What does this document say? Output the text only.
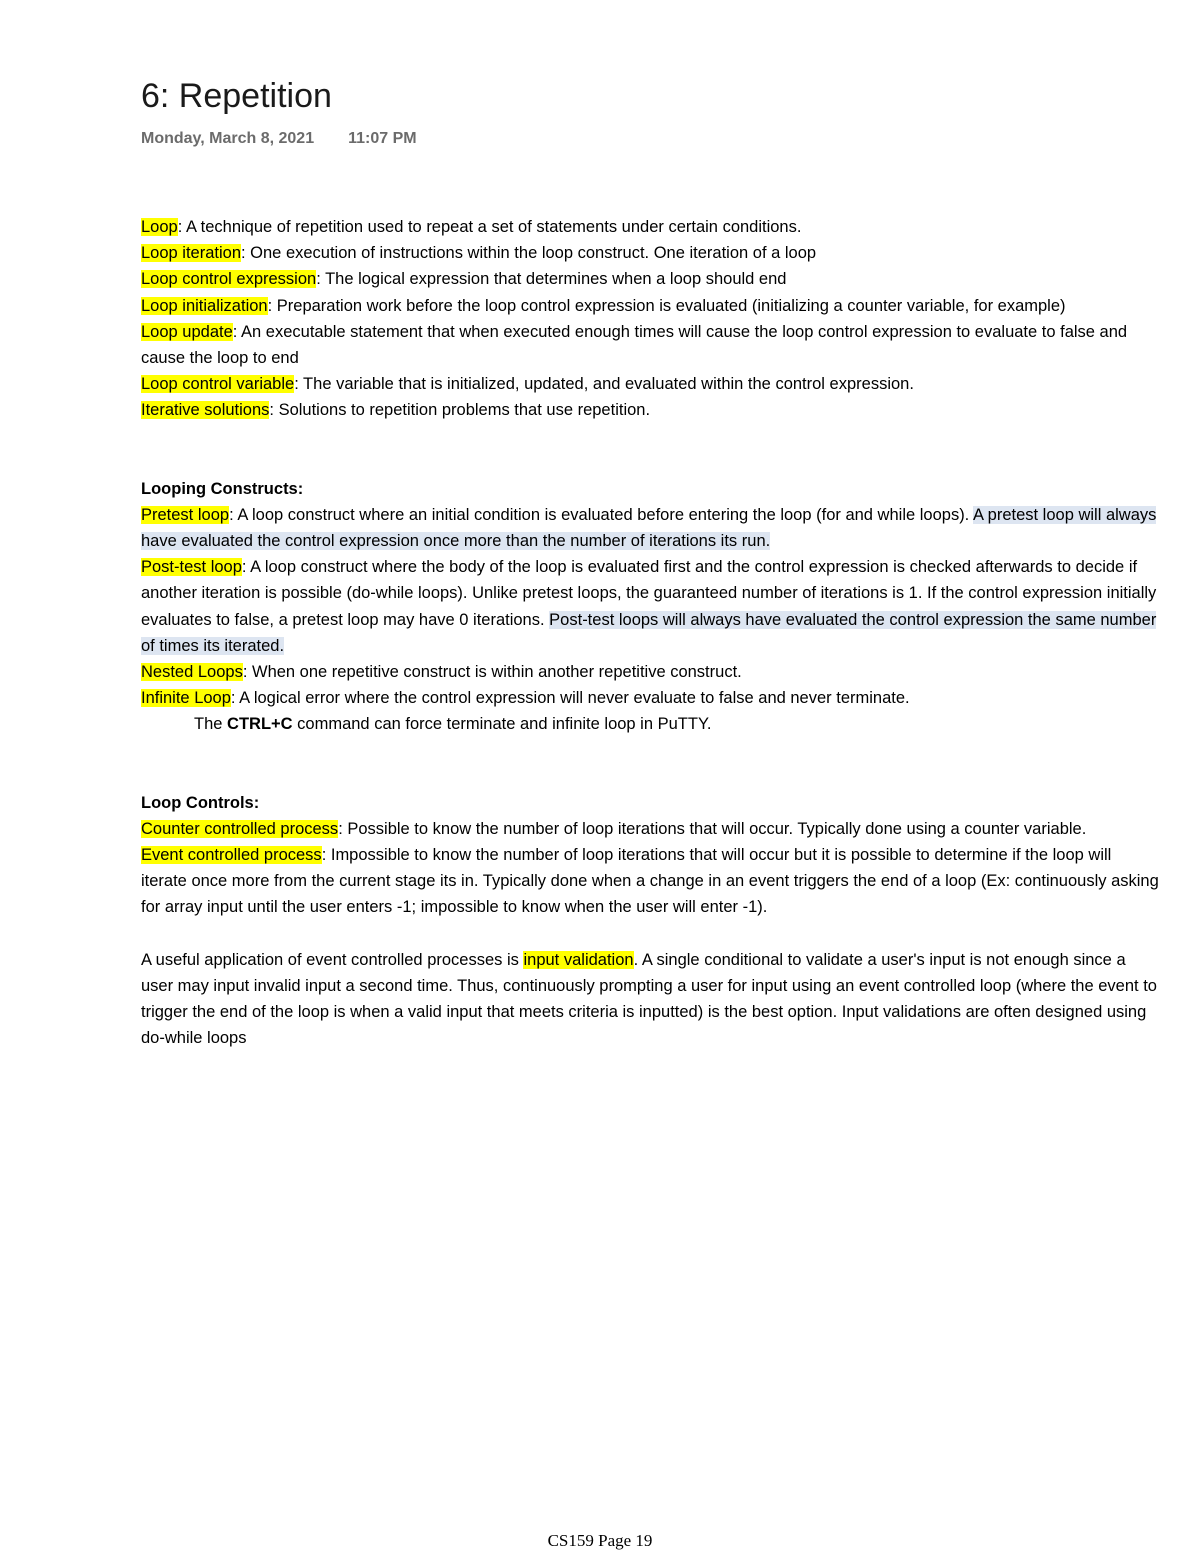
6: Repetition
Monday, March 8, 2021 11:07 PM

Loop: A technique of repetition used to repeat a set of statements under certain conditions.

Loop iteration: One execution of instructions within the loop construct. One iteration of a loop

Loop control expression: The logical expression that determines when a loop should end

Loop initialization: Preparation work before the loop control expression is evaluated (initializing a counter variable, for example)

Loop update: An executable statement that when executed enough times will cause the loop control expression to evaluate to false and cause the loop to end

Loop control variable: The variable that is initialized, updated, and evaluated within the control expression.

Iterative solutions: Solutions to repetition problems that use repetition.

Looping Constructs:

Pretest loop: A loop construct where an initial condition is evaluated before entering the loop (for and while loops). A pretest loop will always have evaluated the control expression once more than the number of iterations its run.

Post-test loop: A loop construct where the body of the loop is evaluated first and the control expression is checked afterwards to decide if another iteration is possible (do-while loops). Unlike pretest loops, the guaranteed number of iterations is 1. If the control expression initially evaluates to false, a pretest loop may have 0 iterations. Post-test loops will always have evaluated the control expression the same number of times its iterated.

Nested Loops: When one repetitive construct is within another repetitive construct.

Infinite Loop: A logical error where the control expression will never evaluate to false and never terminate.

The CTRL+C command can force terminate and infinite loop in PuTTY.

Loop Controls:

Counter controlled process: Possible to know the number of loop iterations that will occur. Typically done using a counter variable.

Event controlled process: Impossible to know the number of loop iterations that will occur but it is possible to determine if the loop will iterate once more from the current stage its in. Typically done when a change in an event triggers the end of a loop (Ex: continuously asking for array input until the user enters -1; impossible to know when the user will enter -1).

A useful application of event controlled processes is input validation. A single conditional to validate a user's input is not enough since a user may input invalid input a second time. Thus, continuously prompting a user for input using an event controlled loop (where the event to trigger the end of the loop is when a valid input that meets criteria is inputted) is the best option. Input validations are often designed using do-while loops

CS159 Page 19
